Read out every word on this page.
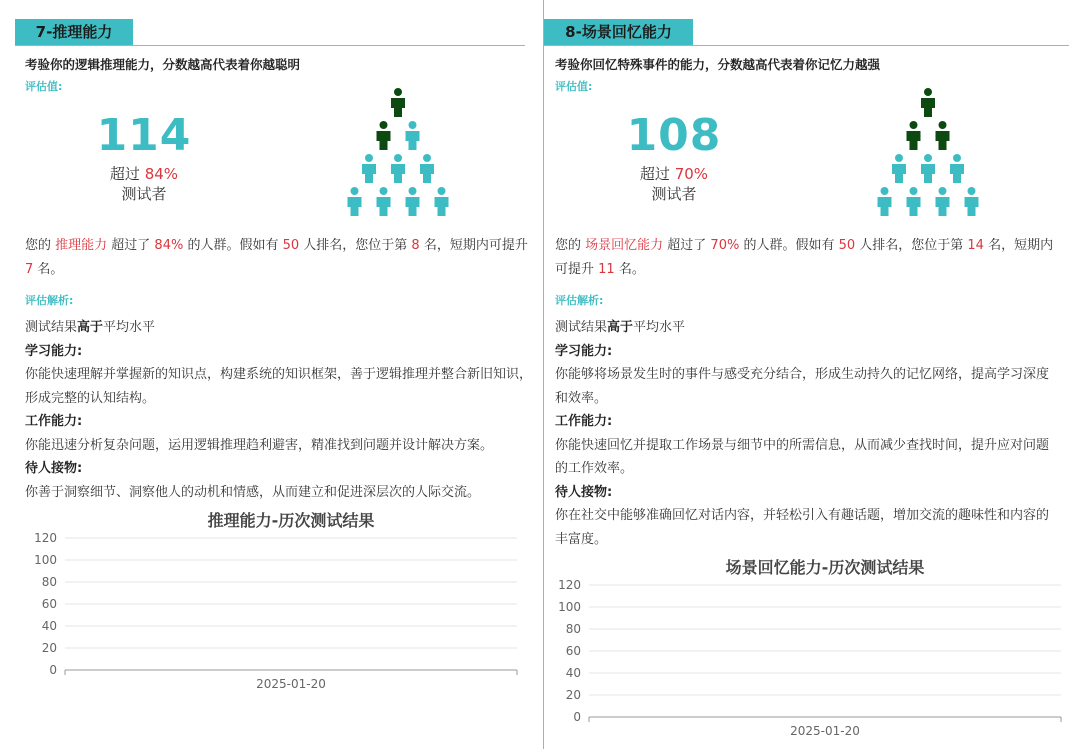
7-推理能力
考验你的逻辑推理能力，分数越高代表着你越聪明
评估值:
114
超过 84%
测试者
您的 推理能力 超过了 84% 的人群。假如有 50 人排名，您位于第 8 名，短期内可提升 7 名。
评估解析:
测试结果高于平均水平
学习能力:
你能快速理解并掌握新的知识点，构建系统的知识框架，善于逻辑推理并整合新旧知识，形成完整的认知结构。
工作能力:
你能迅速分析复杂问题，运用逻辑推理趋利避害，精准找到问题并设计解决方案。
待人接物:
你善于洞察细节、洞察他人的动机和情感，从而建立和促进深层次的人际交流。
推理能力-历次测试结果
0
20
40
60
80
100
120
2025-01-20
8-场景回忆能力
考验你回忆特殊事件的能力，分数越高代表着你记忆力越强
评估值:
108
超过 70%
测试者
您的 场景回忆能力 超过了 70% 的人群。假如有 50 人排名，您位于第 14 名，短期内可提升 11 名。
评估解析:
测试结果高于平均水平
学习能力:
你能够将场景发生时的事件与感受充分结合，形成生动持久的记忆网络，提高学习深度和效率。
工作能力:
你能快速回忆并提取工作场景与细节中的所需信息，从而减少查找时间，提升应对问题的工作效率。
待人接物:
你在社交中能够准确回忆对话内容，并轻松引入有趣话题，增加交流的趣味性和内容的丰富度。
场景回忆能力-历次测试结果
0
20
40
60
80
100
120
2025-01-20
